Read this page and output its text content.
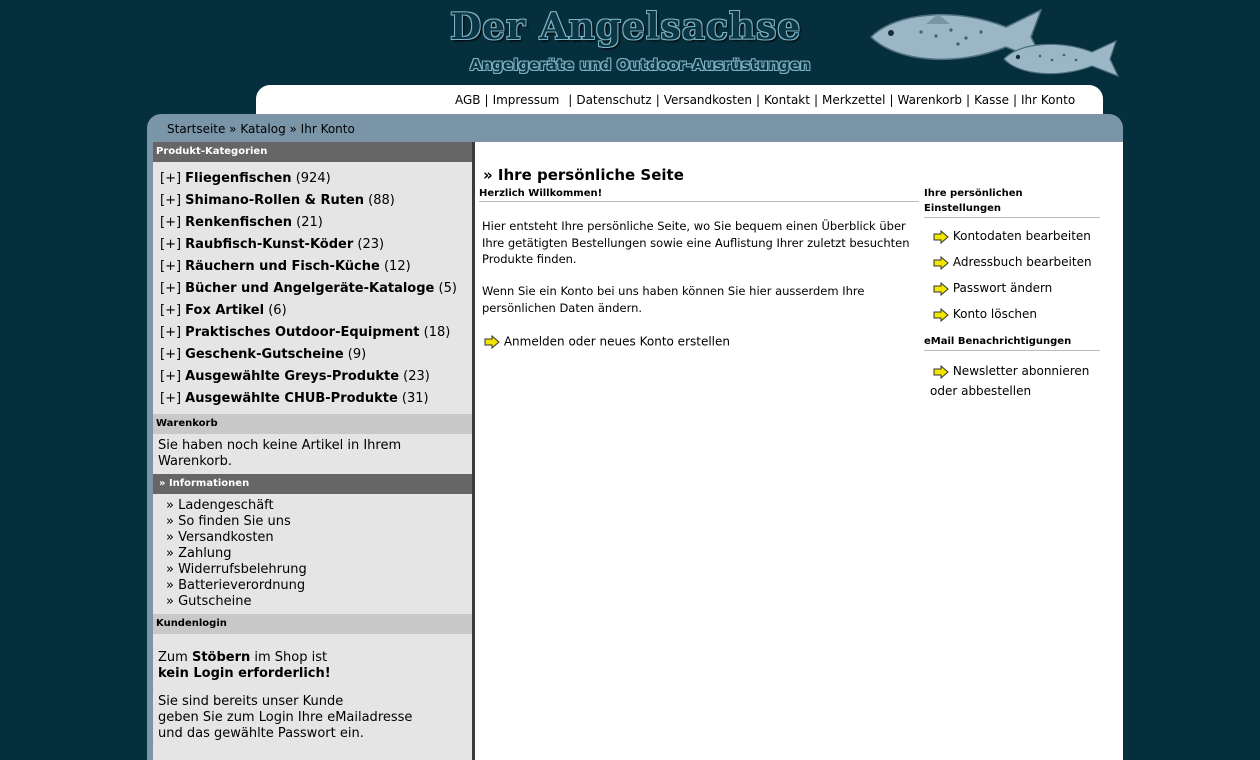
Der Angelsachse
Angelgeräte und Outdoor-Ausrüstungen
AGB | Impressum | Datenschutz | Versandkosten | Kontakt | Merkzettel | Warenkorb | Kasse | Ihr Konto
Startseite » Katalog » Ihr Konto
Produkt-Kategorien
[+] Fliegenfischen (924)
[+] Shimano-Rollen & Ruten (88)
[+] Renkenfischen (21)
[+] Raubfisch-Kunst-Köder (23)
[+] Räuchern und Fisch-Küche (12)
[+] Bücher und Angelgeräte-Kataloge (5)
[+] Fox Artikel (6)
[+] Praktisches Outdoor-Equipment (18)
[+] Geschenk-Gutscheine (9)
[+] Ausgewählte Greys-Produkte (23)
[+] Ausgewählte CHUB-Produkte (31)
Warenkorb
Sie haben noch keine Artikel in Ihrem Warenkorb.
» Informationen
» Ladengeschäft
» So finden Sie uns
» Versandkosten
» Zahlung
» Widerrufsbelehrung
» Batterieverordnung
» Gutscheine
Kundenlogin
Zum Stöbern im Shop ist
kein Login erforderlich!
Sie sind bereits unser Kunde
geben Sie zum Login Ihre eMailadresse
und das gewählte Passwort ein.
» Ihre persönliche Seite
Herzlich Willkommen!
Hier entsteht Ihre persönliche Seite, wo Sie bequem einen Überblick über Ihre getätigten Bestellungen sowie eine Auflistung Ihrer zuletzt besuchten Produkte finden.
Wenn Sie ein Konto bei uns haben können Sie hier ausserdem Ihre persönlichen Daten ändern.
Anmelden oder neues Konto erstellen
Ihre persönlichen Einstellungen
Kontodaten bearbeiten
Adressbuch bearbeiten
Passwort ändern
Konto löschen
eMail Benachrichtigungen
Newsletter abonnieren oder abbestellen
